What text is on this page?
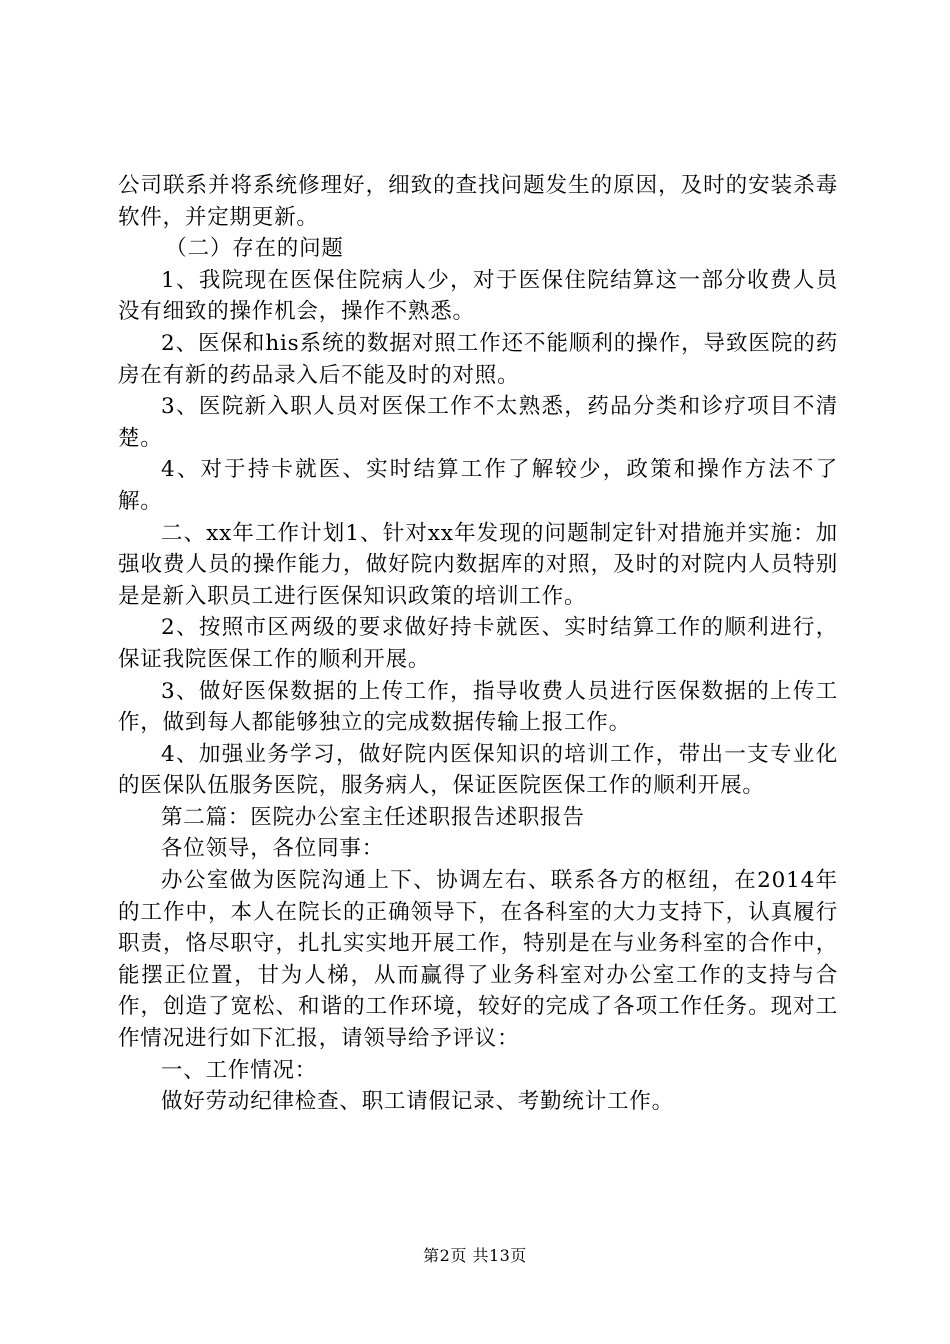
公司联系并将系统修理好，细致的查找问题发生的原因，及时的安装杀毒软件，并定期更新。

（二）存在的问题

1、我院现在医保住院病人少，对于医保住院结算这一部分收费人员没有细致的操作机会，操作不熟悉。

2、医保和his系统的数据对照工作还不能顺利的操作，导致医院的药房在有新的药品录入后不能及时的对照。

3、医院新入职人员对医保工作不太熟悉，药品分类和诊疗项目不清楚。

4、对于持卡就医、实时结算工作了解较少，政策和操作方法不了解。

二、xx年工作计划1、针对xx年发现的问题制定针对措施并实施：加强收费人员的操作能力，做好院内数据库的对照，及时的对院内人员特别是是新入职员工进行医保知识政策的培训工作。

2、按照市区两级的要求做好持卡就医、实时结算工作的顺利进行，保证我院医保工作的顺利开展。

3、做好医保数据的上传工作，指导收费人员进行医保数据的上传工作，做到每人都能够独立的完成数据传输上报工作。

4、加强业务学习，做好院内医保知识的培训工作，带出一支专业化的医保队伍服务医院，服务病人，保证医院医保工作的顺利开展。

第二篇：医院办公室主任述职报告述职报告

各位领导，各位同事：

办公室做为医院沟通上下、协调左右、联系各方的枢纽，在2014年的工作中，本人在院长的正确领导下，在各科室的大力支持下，认真履行职责，恪尽职守，扎扎实实地开展工作，特别是在与业务科室的合作中，能摆正位置，甘为人梯，从而赢得了业务科室对办公室工作的支持与合作，创造了宽松、和谐的工作环境，较好的完成了各项工作任务。现对工作情况进行如下汇报，请领导给予评议：

一、工作情况：

做好劳动纪律检查、职工请假记录、考勤统计工作。

第2页 共13页
